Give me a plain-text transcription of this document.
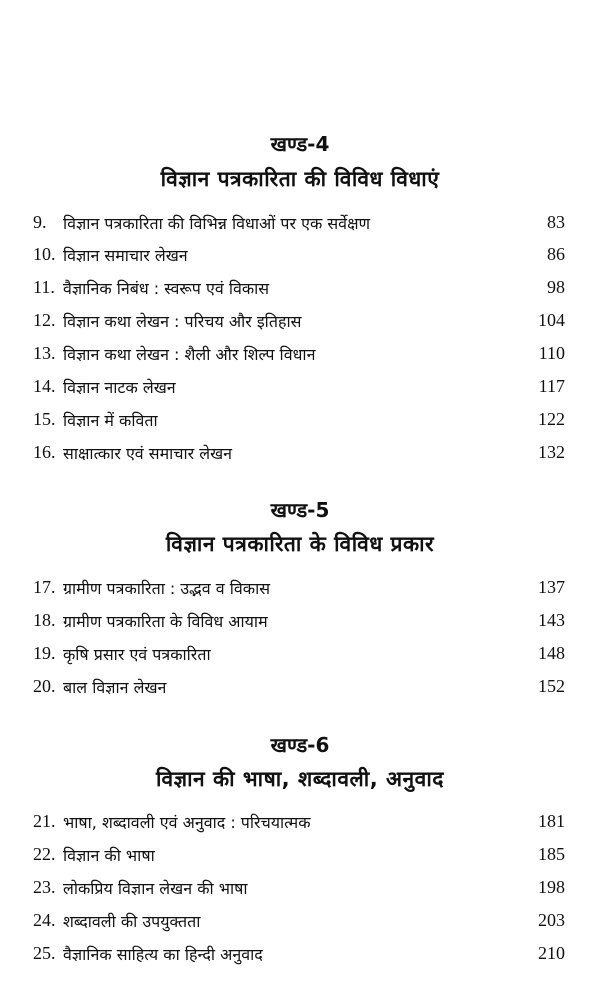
खण्ड-4
विज्ञान पत्रकारिता की विविध विधाएं
9. विज्ञान पत्रकारिता की विभिन्न विधाओं पर एक सर्वेक्षण	83
10. विज्ञान समाचार लेखन	86
11. वैज्ञानिक निबंध : स्वरूप एवं विकास	98
12. विज्ञान कथा लेखन : परिचय और इतिहास	104
13. विज्ञान कथा लेखन : शैली और शिल्प विधान	110
14. विज्ञान नाटक लेखन	117
15. विज्ञान में कविता	122
16. साक्षात्कार एवं समाचार लेखन	132
खण्ड-5
विज्ञान पत्रकारिता के विविध प्रकार
17. ग्रामीण पत्रकारिता : उद्भव व विकास	137
18. ग्रामीण पत्रकारिता के विविध आयाम	143
19. कृषि प्रसार एवं पत्रकारिता	148
20. बाल विज्ञान लेखन	152
खण्ड-6
विज्ञान की भाषा, शब्दावली, अनुवाद
21. भाषा, शब्दावली एवं अनुवाद : परिचयात्मक	181
22. विज्ञान की भाषा	185
23. लोकप्रिय विज्ञान लेखन की भाषा	198
24. शब्दावली की उपयुक्तता	203
25. वैज्ञानिक साहित्य का हिन्दी अनुवाद	210
